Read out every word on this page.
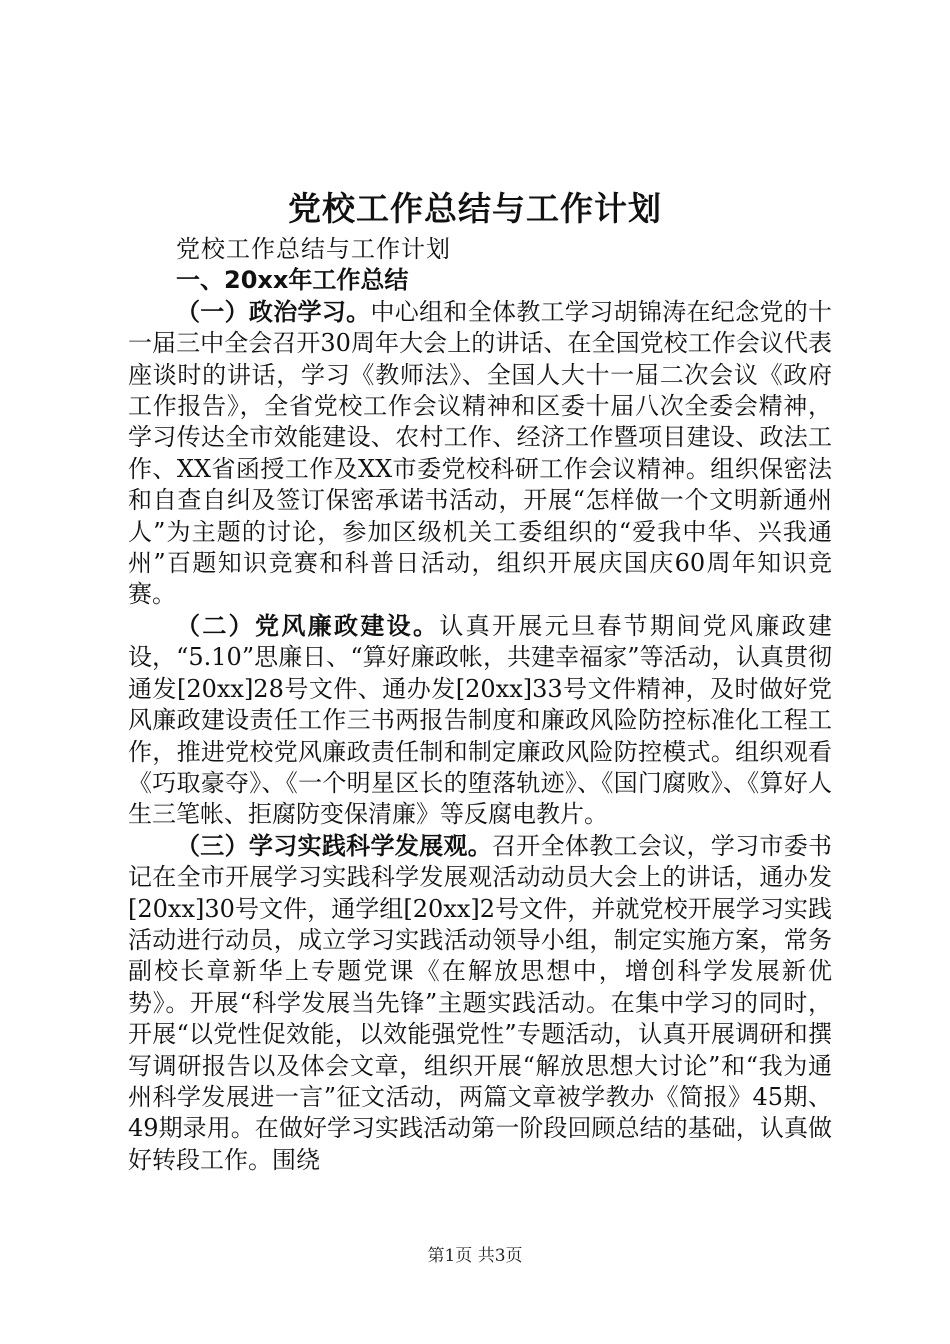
党校工作总结与工作计划

党校工作总结与工作计划

一、20xx年工作总结

（一）政治学习。中心组和全体教工学习胡锦涛在纪念党的十一届三中全会召开30周年大会上的讲话、在全国党校工作会议代表座谈时的讲话，学习《教师法》、全国人大十一届二次会议《政府工作报告》，全省党校工作会议精神和区委十届八次全委会精神，学习传达全市效能建设、农村工作、经济工作暨项目建设、政法工作、XX省函授工作及XX市委党校科研工作会议精神。组织保密法和自查自纠及签订保密承诺书活动，开展“怎样做一个文明新通州人”为主题的讨论，参加区级机关工委组织的“爱我中华、兴我通州”百题知识竞赛和科普日活动，组织开展庆国庆60周年知识竞赛。

（二）党风廉政建设。认真开展元旦春节期间党风廉政建设，“5.10”思廉日、“算好廉政帐，共建幸福家”等活动，认真贯彻通发[20xx]28号文件、通办发[20xx]33号文件精神，及时做好党风廉政建设责任工作三书两报告制度和廉政风险防控标准化工程工作，推进党校党风廉政责任制和制定廉政风险防控模式。组织观看《巧取豪夺》、《一个明星区长的堕落轨迹》、《国门腐败》、《算好人生三笔帐、拒腐防变保清廉》等反腐电教片。

（三）学习实践科学发展观。召开全体教工会议，学习市委书记在全市开展学习实践科学发展观活动动员大会上的讲话，通办发[20xx]30号文件，通学组[20xx]2号文件，并就党校开展学习实践活动进行动员，成立学习实践活动领导小组，制定实施方案，常务副校长章新华上专题党课《在解放思想中，增创科学发展新优势》。开展“科学发展当先锋”主题实践活动。在集中学习的同时，开展“以党性促效能，以效能强党性”专题活动，认真开展调研和撰写调研报告以及体会文章，组织开展“解放思想大讨论”和“我为通州科学发展进一言”征文活动，两篇文章被学教办《简报》45期、49期录用。在做好学习实践活动第一阶段回顾总结的基础，认真做好转段工作。围绕

第1页 共3页
